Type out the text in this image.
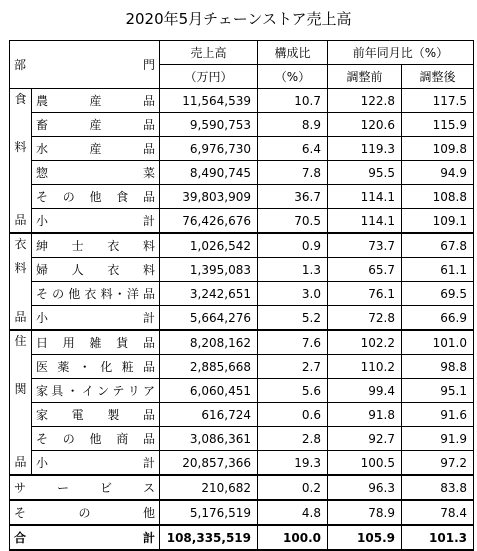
2020年5月チェーンストア売上高
部 門		売上高	構成比	前年同月比（%）	
		（万円）	（%）	調整前	調整後
食	農 産 品	11,564,539	10.7	122.8	117.5
	畜 産 品	9,590,753	8.9	120.6	115.9
料	水 産 品	6,976,730	6.4	119.3	109.8
	惣 菜	8,490,745	7.8	95.5	94.9
	そ の 他 食 品	39,803,909	36.7	114.1	108.8
品	小 計	76,426,676	70.5	114.1	109.1
衣	紳 士 衣 料	1,026,542	0.9	73.7	67.8
料	婦 人 衣 料	1,395,083	1.3	65.7	61.1
	その他衣料･洋品	3,242,651	3.0	76.1	69.5
品	小 計	5,664,276	5.2	72.8	66.9
住	日 用 雑 貨 品	8,208,162	7.6	102.2	101.0
	医 薬 ・ 化 粧 品	2,885,668	2.7	110.2	98.8
関	家具・インテリア	6,060,451	5.6	99.4	95.1
	家 電 製 品	616,724	0.6	91.8	91.6
	そ の 他 商 品	3,086,361	2.8	92.7	91.9
品	小 計	20,857,366	19.3	100.5	97.2
サ ー ビ ス		210,682	0.2	96.3	83.8

そ の 他		5,176,519	4.8	78.9	78.4

合 計		108,335,519	100.0	105.9	101.3
